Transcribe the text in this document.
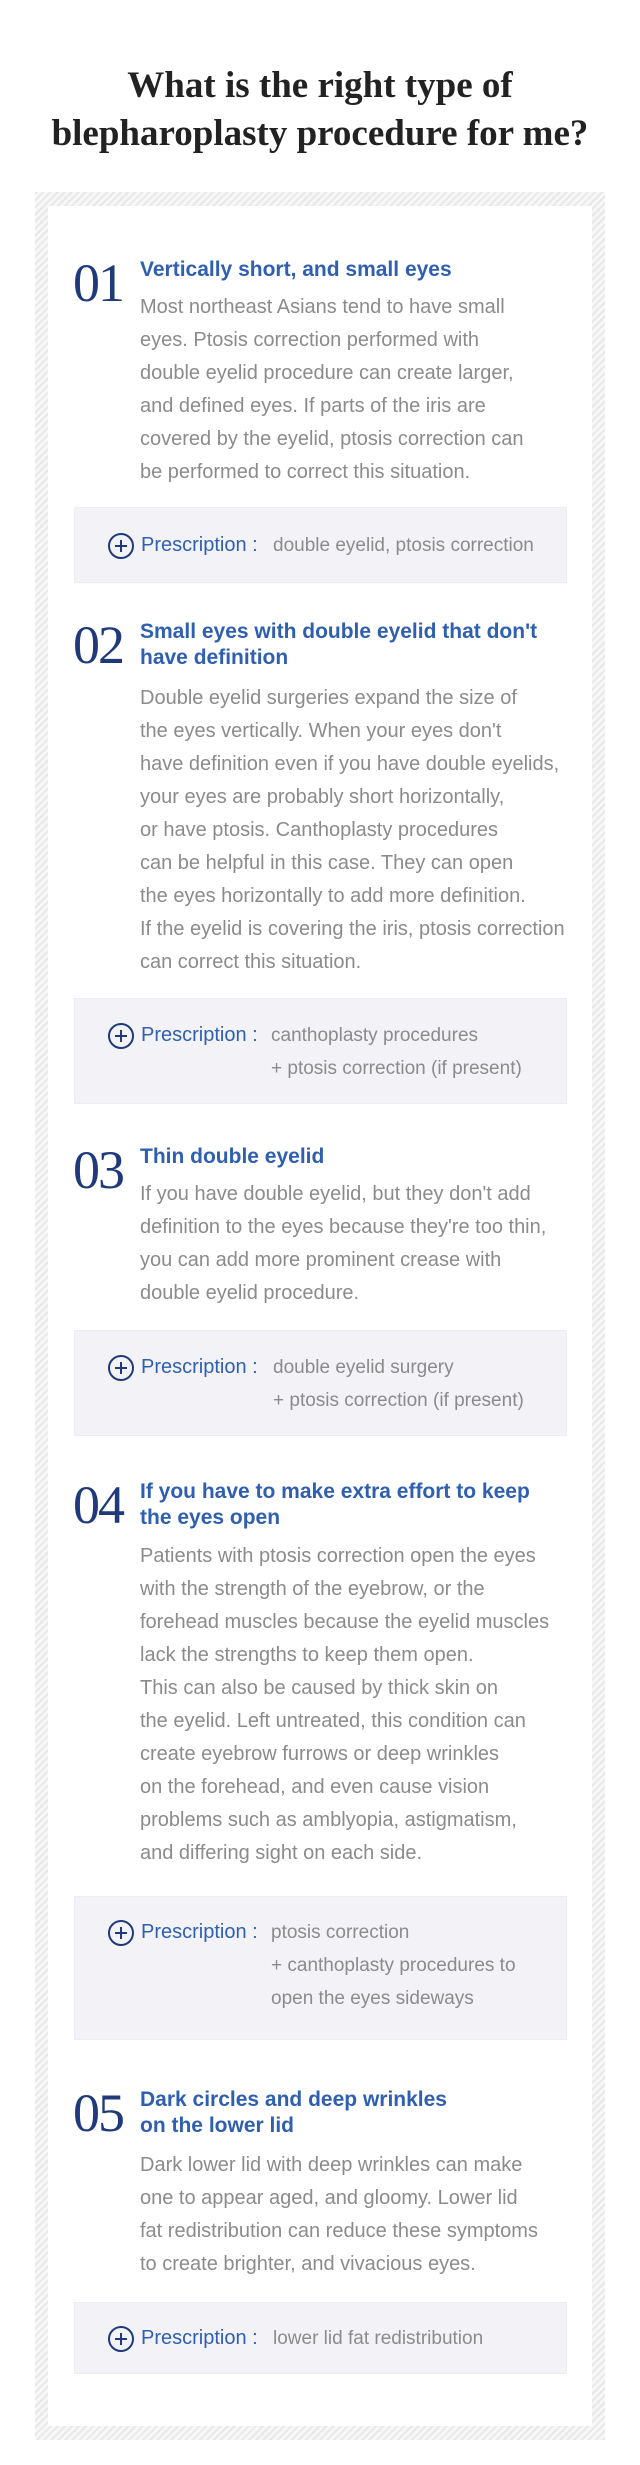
What is the right type of
blepharoplasty procedure for me?
01 Vertically short, and small eyes
Most northeast Asians tend to have small
eyes. Ptosis correction performed with
double eyelid procedure can create larger,
and defined eyes. If parts of the iris are
covered by the eyelid, ptosis correction can
be performed to correct this situation.
Prescription : double eyelid, ptosis correction
02 Small eyes with double eyelid that don't
have definition
Double eyelid surgeries expand the size of
the eyes vertically. When your eyes don't
have definition even if you have double eyelids,
your eyes are probably short horizontally,
or have ptosis. Canthoplasty procedures
can be helpful in this case. They can open
the eyes horizontally to add more definition.
If the eyelid is covering the iris, ptosis correction
can correct this situation.
Prescription : canthoplasty procedures
+ ptosis correction (if present)
03 Thin double eyelid
If you have double eyelid, but they don't add
definition to the eyes because they're too thin,
you can add more prominent crease with
double eyelid procedure.
Prescription : double eyelid surgery
+ ptosis correction (if present)
04 If you have to make extra effort to keep
the eyes open
Patients with ptosis correction open the eyes
with the strength of the eyebrow, or the
forehead muscles because the eyelid muscles
lack the strengths to keep them open.
This can also be caused by thick skin on
the eyelid. Left untreated, this condition can
create eyebrow furrows or deep wrinkles
on the forehead, and even cause vision
problems such as amblyopia, astigmatism,
and differing sight on each side.
Prescription : ptosis correction
+ canthoplasty procedures to
open the eyes sideways
05 Dark circles and deep wrinkles
on the lower lid
Dark lower lid with deep wrinkles can make
one to appear aged, and gloomy. Lower lid
fat redistribution can reduce these symptoms
to create brighter, and vivacious eyes.
Prescription : lower lid fat redistribution
